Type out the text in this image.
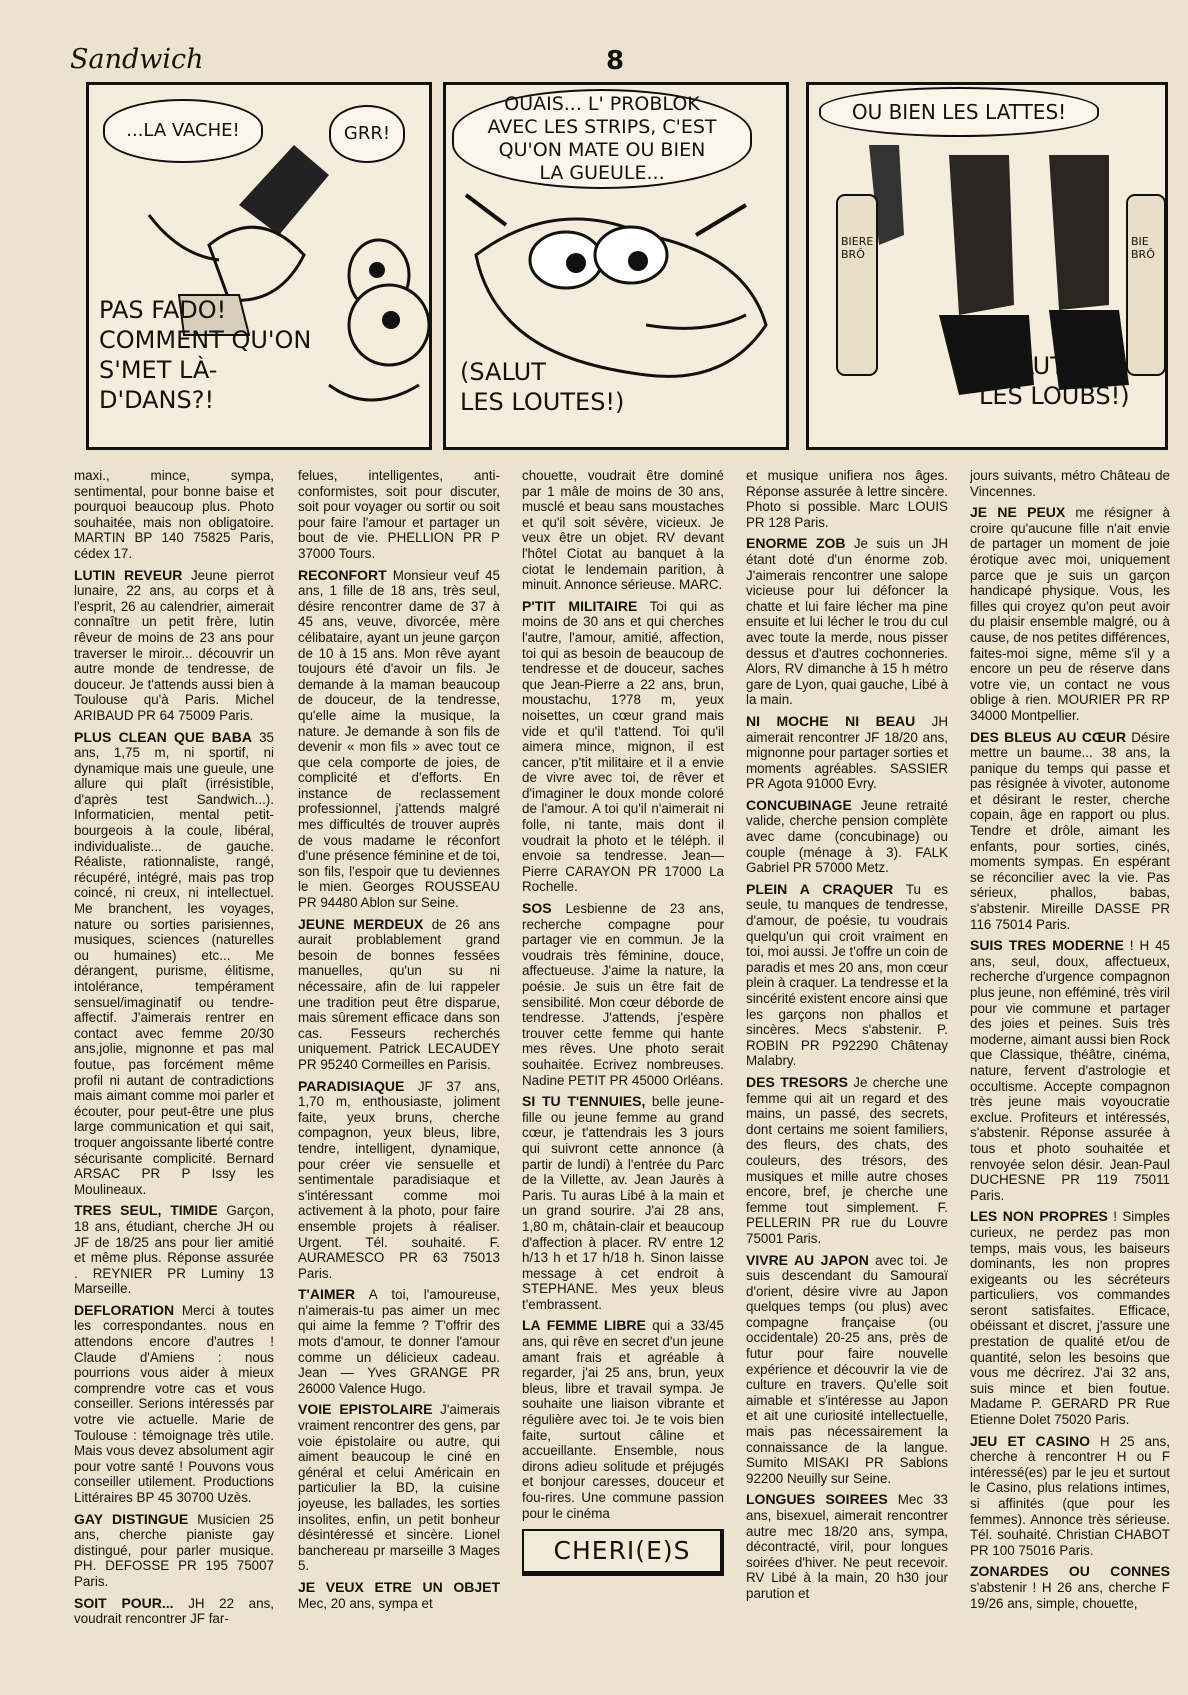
Sandwich	8
...LA VACHE!	GRR!
PAS FADO!
COMMENT QU'ON
S'MET LÀ-
D'DANS?!
OUAIS... L' PROBLOK
AVEC LES STRIPS, C'EST
QU'ON MATE OU BIEN
LA GUEULE...
(SALUT
LES LOUTES!)
OU BIEN LES LATTES!
BIERE
BRÔ
BIE
BRÔ
(SALUT
LES LOUBS!)

maxi., mince, sympa, sentimental, pour bonne baise et pourquoi beaucoup plus. Photo souhaitée, mais non obligatoire. MARTIN BP 140 75825 Paris, cédex 17.

LUTIN REVEUR Jeune pierrot lunaire, 22 ans, au corps et à l'esprit, 26 au calendrier, aimerait connaître un petit frère, lutin rêveur de moins de 23 ans pour traverser le miroir... découvrir un autre monde de tendresse, de douceur. Je t'attends aussi bien à Toulouse qu'à Paris. Michel ARIBAUD PR 64 75009 Paris.

PLUS CLEAN QUE BABA 35 ans, 1,75 m, ni sportif, ni dynamique mais une gueule, une allure qui plaît (irrésistible, d'après test Sandwich...). Informaticien, mental petit-bourgeois à la coule, libéral, individualiste... de gauche. Réaliste, rationnaliste, rangé, récupéré, intégré, mais pas trop coincé, ni creux, ni intellectuel. Me branchent, les voyages, nature ou sorties parisiennes, musiques, sciences (naturelles ou humaines) etc... Me dérangent, purisme, élitisme, intolérance, tempérament sensuel/imaginatif ou tendre-affectif. J'aimerais rentrer en contact avec femme 20/30 ans,jolie, mignonne et pas mal foutue, pas forcément même profil ni autant de contradictions mais aimant comme moi parler et écouter, pour peut-être une plus large communication et qui sait, troquer angoissante liberté contre sécurisante complicité. Bernard ARSAC PR P Issy les Moulineaux.

TRES SEUL, TIMIDE Garçon, 18 ans, étudiant, cherche JH ou JF de 18/25 ans pour lier amitié et même plus. Réponse assurée . REYNIER PR Luminy 13 Marseille.

DEFLORATION Merci à toutes les correspondantes. nous en attendons encore d'autres ! Claude d'Amiens : nous pourrions vous aider à mieux comprendre votre cas et vous conseiller. Serions intéressés par votre vie actuelle. Marie de Toulouse : témoignage très utile. Mais vous devez absolument agir pour votre santé ! Pouvons vous conseiller utilement. Productions Littéraires BP 45 30700 Uzès.

GAY DISTINGUE Musicien 25 ans, cherche pianiste gay distingué, pour parler musique. PH. DEFOSSE PR 195 75007 Paris.

SOIT POUR... JH 22 ans, voudrait rencontrer JF far-

felues, intelligentes, anti-conformistes, soit pour discuter, soit pour voyager ou sortir ou soit pour faire l'amour et partager un bout de vie. PHELLION PR P 37000 Tours.

RECONFORT Monsieur veuf 45 ans, 1 fille de 18 ans, très seul, désire rencontrer dame de 37 à 45 ans, veuve, divorcée, mère célibataire, ayant un jeune garçon de 10 à 15 ans. Mon rêve ayant toujours été d'avoir un fils. Je demande à la maman beaucoup de douceur, de la tendresse, qu'elle aime la musique, la nature. Je demande à son fils de devenir « mon fils » avec tout ce que cela comporte de joies, de complicité et d'efforts. En instance de reclassement professionnel, j'attends malgré mes difficultés de trouver auprès de vous madame le réconfort d'une présence féminine et de toi, son fils, l'espoir que tu deviennes le mien. Georges ROUSSEAU PR 94480 Ablon sur Seine.

JEUNE MERDEUX de 26 ans aurait problablement grand besoin de bonnes fessées manuelles, qu'un su ni nécessaire, afin de lui rappeler une tradition peut être disparue, mais sûrement efficace dans son cas. Fesseurs recherchés uniquement. Patrick LECAUDEY PR 95240 Cormeilles en Parisis.

PARADISIAQUE JF 37 ans, 1,70 m, enthousiaste, joliment faite, yeux bruns, cherche compagnon, yeux bleus, libre, tendre, intelligent, dynamique, pour créer vie sensuelle et sentimentale paradisiaque et s'intéressant comme moi activement à la photo, pour faire ensemble projets à réaliser. Urgent. Tél. souhaité. F. AURAMESCO PR 63 75013 Paris.

T'AIMER A toi, l'amoureuse, n'aimerais-tu pas aimer un mec qui aime la femme ? T'offrir des mots d'amour, te donner l'amour comme un délicieux cadeau. Jean — Yves GRANGE PR 26000 Valence Hugo.

VOIE EPISTOLAIRE J'aimerais vraiment rencontrer des gens, par voie épistolaire ou autre, qui aiment beaucoup le ciné en général et celui Américain en particulier la BD, la cuisine joyeuse, les ballades, les sorties insolites, enfin, un petit bonheur désintéressé et sincère. Lionel banchereau pr marseille 3 Mages 5.

JE VEUX ETRE UN OBJET Mec, 20 ans, sympa et

chouette, voudrait être dominé par 1 mâle de moins de 30 ans, musclé et beau sans moustaches et qu'il soit sévère, vicieux. Je veux être un objet. RV devant l'hôtel Ciotat au banquet à la ciotat le lendemain parition, à minuit. Annonce sérieuse. MARC.

P'TIT MILITAIRE Toi qui as moins de 30 ans et qui cherches l'autre, l'amour, amitié, affection, toi qui as besoin de beaucoup de tendresse et de douceur, saches que Jean-Pierre a 22 ans, brun, moustachu, 1?78 m, yeux noisettes, un cœur grand mais vide et qu'il t'attend. Toi qu'il aimera mince, mignon, il est cancer, p'tit militaire et il a envie de vivre avec toi, de rêver et d'imaginer le doux monde coloré de l'amour. A toi qu'il n'aimerait ni folle, ni tante, mais dont il voudrait la photo et le téléph. il envoie sa tendresse. Jean—Pierre CARAYON PR 17000 La Rochelle.

SOS Lesbienne de 23 ans, recherche compagne pour partager vie en commun. Je la voudrais très féminine, douce, affectueuse. J'aime la nature, la poésie. Je suis un être fait de sensibilité. Mon cœur déborde de tendresse. J'attends, j'espère trouver cette femme qui hante mes rêves. Une photo serait souhaitée. Ecrivez nombreuses. Nadine PETIT PR 45000 Orléans.

SI TU T'ENNUIES, belle jeune-fille ou jeune femme au grand cœur, je t'attendrais les 3 jours qui suivront cette annonce (à partir de lundi) à l'entrée du Parc de la Villette, av. Jean Jaurès à Paris. Tu auras Libé à la main et un grand sourire. J'ai 28 ans, 1,80 m, châtain-clair et beaucoup d'affection à placer. RV entre 12 h/13 h et 17 h/18 h. Sinon laisse message à cet endroit à STEPHANE. Mes yeux bleus t'embrassent.

LA FEMME LIBRE qui a 33/45 ans, qui rêve en secret d'un jeune amant frais et agréable à regarder, j'ai 25 ans, brun, yeux bleus, libre et travail sympa. Je souhaite une liaison vibrante et régulière avec toi. Je te vois bien faite, surtout câline et accueillante. Ensemble, nous dirons adieu solitude et préjugés et bonjour caresses, douceur et fou-rires. Une commune passion pour le cinéma

CHERI(E)S

et musique unifiera nos âges. Réponse assurée à lettre sincère. Photo si possible. Marc LOUIS PR 128 Paris.

ENORME ZOB Je suis un JH étant doté d'un énorme zob. J'aimerais rencontrer une salope vicieuse pour lui défoncer la chatte et lui faire lécher ma pine ensuite et lui lécher le trou du cul avec toute la merde, nous pisser dessus et d'autres cochonneries. Alors, RV dimanche à 15 h métro gare de Lyon, quai gauche, Libé à la main.

NI MOCHE NI BEAU JH aimerait rencontrer JF 18/20 ans, mignonne pour partager sorties et moments agréables. SASSIER PR Agota 91000 Evry.

CONCUBINAGE Jeune retraité valide, cherche pension complète avec dame (concubinage) ou couple (ménage à 3). FALK Gabriel PR 57000 Metz.

PLEIN A CRAQUER Tu es seule, tu manques de tendresse, d'amour, de poésie, tu voudrais quelqu'un qui croit vraiment en toi, moi aussi. Je t'offre un coin de paradis et mes 20 ans, mon cœur plein à craquer. La tendresse et la sincérité existent encore ainsi que les garçons non phallos et sincères. Mecs s'abstenir. P. ROBIN PR P92290 Châtenay Malabry.

DES TRESORS Je cherche une femme qui ait un regard et des mains, un passé, des secrets, dont certains me soient familiers, des fleurs, des chats, des couleurs, des trésors, des musiques et mille autre choses encore, bref, je cherche une femme tout simplement. F. PELLERIN PR rue du Louvre 75001 Paris.

VIVRE AU JAPON avec toi. Je suis descendant du Samouraï d'orient, désire vivre au Japon quelques temps (ou plus) avec compagne française (ou occidentale) 20-25 ans, près de futur pour faire nouvelle expérience et découvrir la vie de culture en travers. Qu'elle soit aimable et s'intéresse au Japon et ait une curiosité intellectuelle, mais pas nécessairement la connaissance de la langue. Sumito MISAKI PR Sablons 92200 Neuilly sur Seine.

LONGUES SOIREES Mec 33 ans, bisexuel, aimerait rencontrer autre mec 18/20 ans, sympa, décontracté, viril, pour longues soirées d'hiver. Ne peut recevoir. RV Libé à la main, 20 h30 jour parution et

jours suivants, métro Château de Vincennes.

JE NE PEUX me résigner à croire qu'aucune fille n'ait envie de partager un moment de joie érotique avec moi, uniquement parce que je suis un garçon handicapé physique. Vous, les filles qui croyez qu'on peut avoir du plaisir ensemble malgré, ou à cause, de nos petites différences, faites-moi signe, même s'il y a encore un peu de réserve dans votre vie, un contact ne vous oblige à rien. MOURIER PR RP 34000 Montpellier.

DES BLEUS AU CŒUR Désire mettre un baume... 38 ans, la panique du temps qui passe et pas résignée à vivoter, autonome et désirant le rester, cherche copain, âge en rapport ou plus. Tendre et drôle, aimant les enfants, pour sorties, cinés, moments sympas. En espérant se réconcilier avec la vie. Pas sérieux, phallos, babas, s'abstenir. Mireille DASSE PR 116 75014 Paris.

SUIS TRES MODERNE ! H 45 ans, seul, doux, affectueux, recherche d'urgence compagnon plus jeune, non efféminé, très viril pour vie commune et partager des joies et peines. Suis très moderne, aimant aussi bien Rock que Classique, théâtre, cinéma, nature, fervent d'astrologie et occultisme. Accepte compagnon très jeune mais voyoucratie exclue. Profiteurs et intéressés, s'abstenir. Réponse assurée à tous et photo souhaitée et renvoyée selon désir. Jean-Paul DUCHESNE PR 119 75011 Paris.

LES NON PROPRES ! Simples curieux, ne perdez pas mon temps, mais vous, les baiseurs dominants, les non propres exigeants ou les sécréteurs particuliers, vos commandes seront satisfaites. Efficace, obéissant et discret, j'assure une prestation de qualité et/ou de quantité, selon les besoins que vous me décrirez. J'ai 32 ans, suis mince et bien foutue. Madame P. GERARD PR Rue Etienne Dolet 75020 Paris.

JEU ET CASINO H 25 ans, cherche à rencontrer H ou F intéressé(es) par le jeu et surtout le Casino, plus relations intimes, si affinités (que pour les femmes). Annonce très sérieuse. Tél. souhaité. Christian CHABOT PR 100 75016 Paris.

ZONARDES OU CONNES s'abstenir ! H 26 ans, cherche F 19/26 ans, simple, chouette,
